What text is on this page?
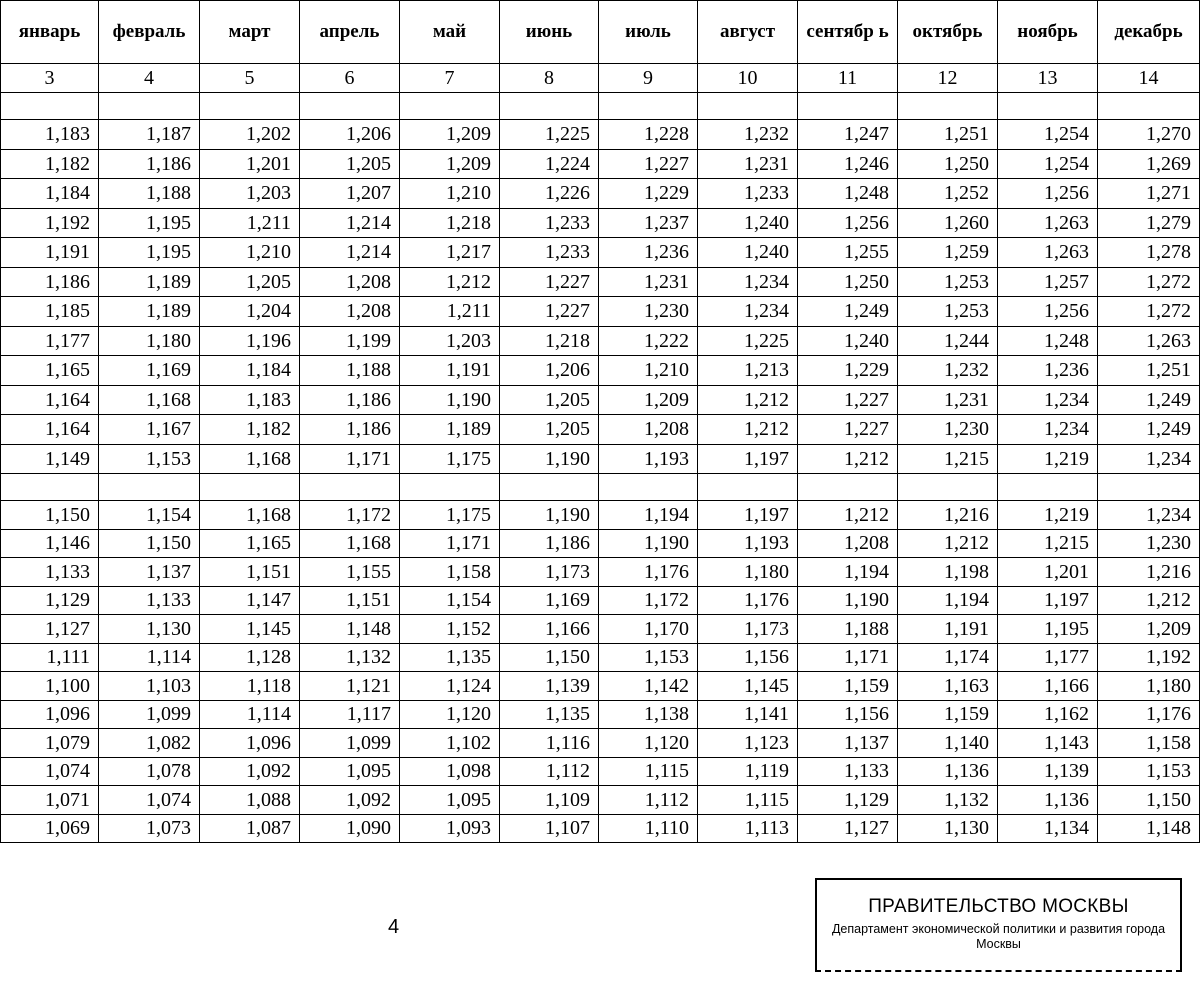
январь	февраль	март	апрель	май	июнь	июль	август	сентябр ь	октябрь	ноябрь	декабрь
3	4	5	6	7	8	9	10	11	12	13	14

1,183	1,187	1,202	1,206	1,209	1,225	1,228	1,232	1,247	1,251	1,254	1,270
1,182	1,186	1,201	1,205	1,209	1,224	1,227	1,231	1,246	1,250	1,254	1,269
1,184	1,188	1,203	1,207	1,210	1,226	1,229	1,233	1,248	1,252	1,256	1,271
1,192	1,195	1,211	1,214	1,218	1,233	1,237	1,240	1,256	1,260	1,263	1,279
1,191	1,195	1,210	1,214	1,217	1,233	1,236	1,240	1,255	1,259	1,263	1,278
1,186	1,189	1,205	1,208	1,212	1,227	1,231	1,234	1,250	1,253	1,257	1,272
1,185	1,189	1,204	1,208	1,211	1,227	1,230	1,234	1,249	1,253	1,256	1,272
1,177	1,180	1,196	1,199	1,203	1,218	1,222	1,225	1,240	1,244	1,248	1,263
1,165	1,169	1,184	1,188	1,191	1,206	1,210	1,213	1,229	1,232	1,236	1,251
1,164	1,168	1,183	1,186	1,190	1,205	1,209	1,212	1,227	1,231	1,234	1,249
1,164	1,167	1,182	1,186	1,189	1,205	1,208	1,212	1,227	1,230	1,234	1,249
1,149	1,153	1,168	1,171	1,175	1,190	1,193	1,197	1,212	1,215	1,219	1,234

1,150	1,154	1,168	1,172	1,175	1,190	1,194	1,197	1,212	1,216	1,219	1,234
1,146	1,150	1,165	1,168	1,171	1,186	1,190	1,193	1,208	1,212	1,215	1,230
1,133	1,137	1,151	1,155	1,158	1,173	1,176	1,180	1,194	1,198	1,201	1,216
1,129	1,133	1,147	1,151	1,154	1,169	1,172	1,176	1,190	1,194	1,197	1,212
1,127	1,130	1,145	1,148	1,152	1,166	1,170	1,173	1,188	1,191	1,195	1,209
1,111	1,114	1,128	1,132	1,135	1,150	1,153	1,156	1,171	1,174	1,177	1,192
1,100	1,103	1,118	1,121	1,124	1,139	1,142	1,145	1,159	1,163	1,166	1,180
1,096	1,099	1,114	1,117	1,120	1,135	1,138	1,141	1,156	1,159	1,162	1,176
1,079	1,082	1,096	1,099	1,102	1,116	1,120	1,123	1,137	1,140	1,143	1,158
1,074	1,078	1,092	1,095	1,098	1,112	1,115	1,119	1,133	1,136	1,139	1,153
1,071	1,074	1,088	1,092	1,095	1,109	1,112	1,115	1,129	1,132	1,136	1,150
1,069	1,073	1,087	1,090	1,093	1,107	1,110	1,113	1,127	1,130	1,134	1,148
4
ПРАВИТЕЛЬСТВО МОСКВЫ
Департамент экономической политики и развития города Москвы
